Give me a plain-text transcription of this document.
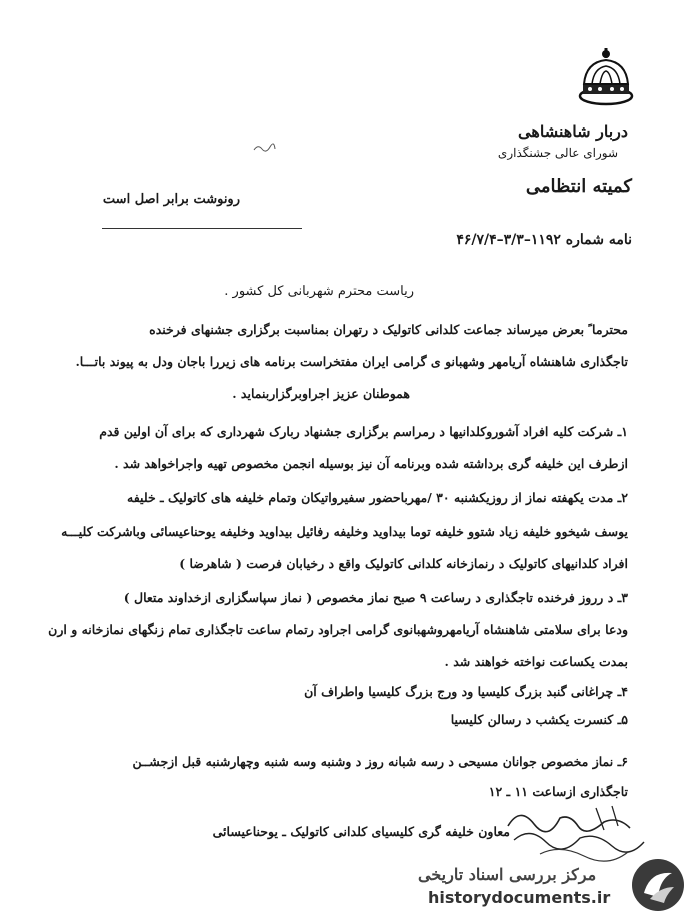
دربار شاهنشاهی
شورای عالی جشنگذاری
کمیته انتظامی
رونوشت برابر اصل است
نامه شماره ۱۱۹۲–۳/۳–۴۶/۷/۴
ریاست محترم شهربانی کل کشور .
محترما ً بعرض میرساند جماعت کلدانی کاتولیک د رتهران بمناسبت برگزاری جشنهای فرخنده
تاجگذاری شاهنشاه آریامهر وشهبانو ی گرامی ایران مفتخراست برنامه های زیررا باجان ودل به پیوند باتـــا.
هموطنان عزیز اجراوبرگزاربنماید .
۱ـ شرکت کلیه افراد آشوروکلدانیها د رمراسم برگزاری جشنهاد ربارک شهرداری که برای آن اولین قدم
ازطرف این خلیفه گری برداشته شده وبرنامه آن نیز بوسیله انجمن مخصوص تهیه واجراخواهد شد .
۲ـ مدت یکهفته نماز از روزیکشنبه ۳۰ /مهرباحضور سفیرواتیکان وتمام خلیفه های کاتولیک ـ خلیفه
یوسف شیخوو خلیفه زیاد شتوو خلیفه توما بیداوید وخلیفه رفائیل بیداوید وخلیفه یوحناعیسائی وباشرکت کلیـــه
افراد کلدانیهای کاتولیک د رنمازخانه کلدانی کاتولیک واقع د رخیابان فرصت ( شاهرضا )
۳ـ د رروز فرخنده تاجگذاری د رساعت ۹ صبح نماز مخصوص ( نماز سپاسگزاری ازخداوند متعال )
ودعا برای سلامتی شاهنشاه آریامهروشهبانوی گرامی اجراود رتمام ساعت تاجگذاری تمام زنگهای نمازخانه و ارن
بمدت یکساعت نواخته خواهند شد .
۴ـ چراغانی گنبد بزرگ کلیسیا ود ورج بزرگ کلیسیا واطراف آن
۵ـ کنسرت یکشب د رسالن کلیسیا
۶ـ نماز مخصوص جوانان مسیحی د رسه شبانه روز د وشنبه وسه شنبه وچهارشنبه قبل ازجشــن
تاجگذاری ازساعت ۱۱ ـ ۱۲
معاون خلیفه گری کلیسیای کلدانی کاتولیک ـ یوحناعیسائی
مرکز بررسی اسناد تاریخی
historydocuments.ir
